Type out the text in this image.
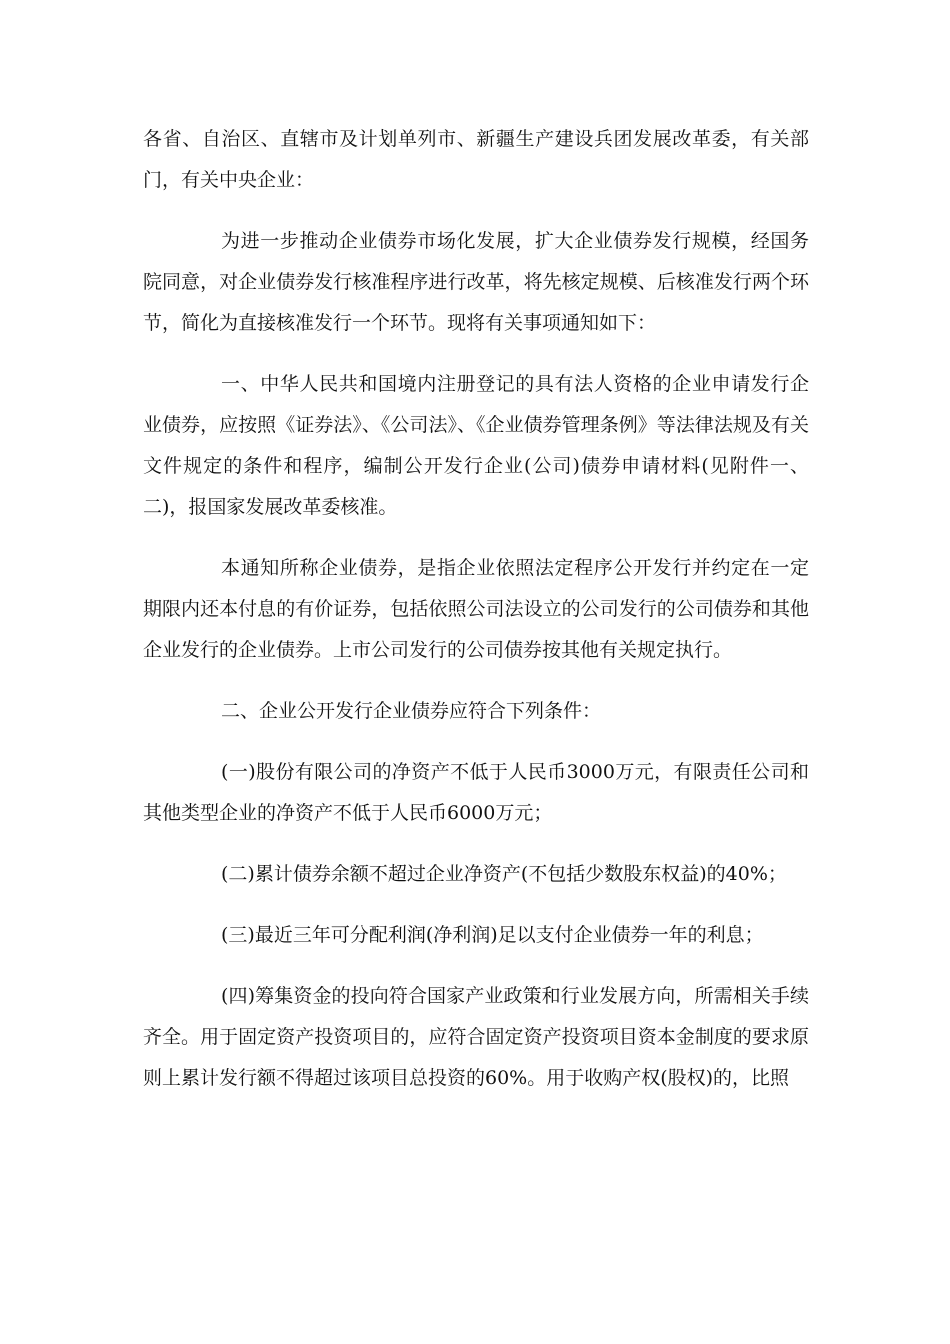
各省、自治区、直辖市及计划单列市、新疆生产建设兵团发展改革委，有关部门，有关中央企业：

为进一步推动企业债券市场化发展，扩大企业债券发行规模，经国务院同意，对企业债券发行核准程序进行改革，将先核定规模、后核准发行两个环节，简化为直接核准发行一个环节。现将有关事项通知如下：

一、中华人民共和国境内注册登记的具有法人资格的企业申请发行企业债券，应按照《证券法》、《公司法》、《企业债券管理条例》等法律法规及有关文件规定的条件和程序，编制公开发行企业(公司)债券申请材料(见附件一、二)，报国家发展改革委核准。

本通知所称企业债券，是指企业依照法定程序公开发行并约定在一定期限内还本付息的有价证券，包括依照公司法设立的公司发行的公司债券和其他企业发行的企业债券。上市公司发行的公司债券按其他有关规定执行。

二、企业公开发行企业债券应符合下列条件：

(一)股份有限公司的净资产不低于人民币3000万元，有限责任公司和其他类型企业的净资产不低于人民币6000万元；

(二)累计债券余额不超过企业净资产(不包括少数股东权益)的40%；

(三)最近三年可分配利润(净利润)足以支付企业债券一年的利息；

(四)筹集资金的投向符合国家产业政策和行业发展方向，所需相关手续齐全。用于固定资产投资项目的，应符合固定资产投资项目资本金制度的要求原则上累计发行额不得超过该项目总投资的60%。用于收购产权(股权)的，比照
